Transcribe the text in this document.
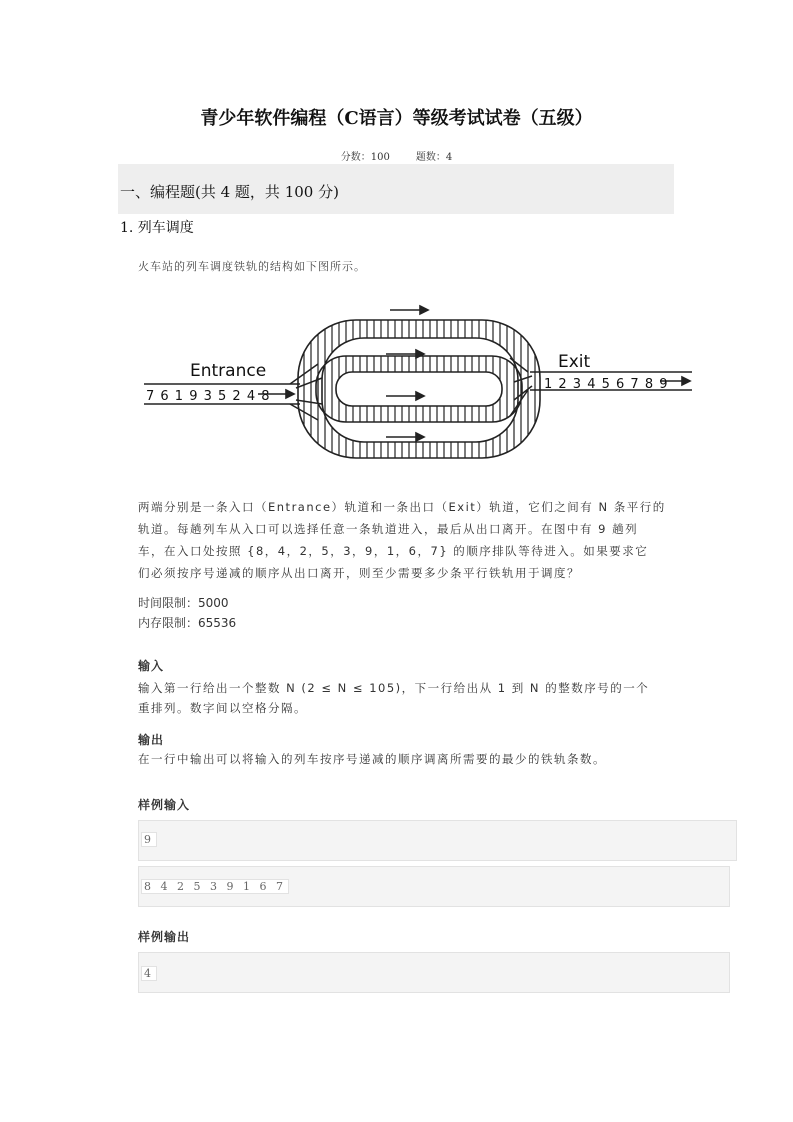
青少年软件编程（C语言）等级考试试卷（五级）
分数：100	题数：4
一、编程题(共 4 题，共 100 分)
1. 列车调度
火车站的列车调度铁轨的结构如下图所示。
Entrance	Exit
7 6 1 9 3 5 2 4 8
1 2 3 4 5 6 7 8 9
两端分别是一条入口（Entrance）轨道和一条出口（Exit）轨道，它们之间有 N 条平行的
轨道。每趟列车从入口可以选择任意一条轨道进入，最后从出口离开。在图中有 9 趟列
车，在入口处按照 {8，4，2，5，3，9，1，6，7} 的顺序排队等待进入。如果要求它
们必须按序号递减的顺序从出口离开，则至少需要多少条平行铁轨用于调度？
时间限制：5000
内存限制：65536
输入
输入第一行给出一个整数 N (2 ≤ N ≤ 105)，下一行给出从 1 到 N 的整数序号的一个
重排列。数字间以空格分隔。
输出
在一行中输出可以将输入的列车按序号递减的顺序调离所需要的最少的铁轨条数。
样例输入
9
8 4 2 5 3 9 1 6 7
样例输出
4
